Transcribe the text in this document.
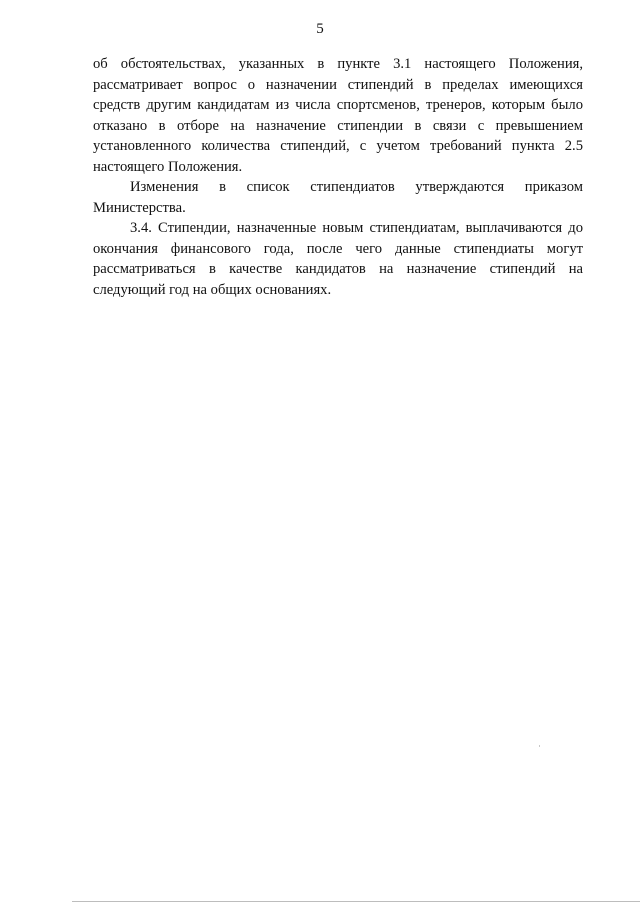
5

об обстоятельствах, указанных в пункте 3.1 настоящего Положения, рассматривает вопрос о назначении стипендий в пределах имеющихся средств другим кандидатам из числа спортсменов, тренеров, которым было отказано в отборе на назначение стипендии в связи с превышением установленного количества стипендий, с учетом требований пункта 2.5 настоящего Положения.

Изменения в список стипендиатов утверждаются приказом Министерства.

3.4. Стипендии, назначенные новым стипендиатам, выплачиваются до окончания финансового года, после чего данные стипендиаты могут рассматриваться в качестве кандидатов на назначение стипендий на следующий год на общих основаниях.
